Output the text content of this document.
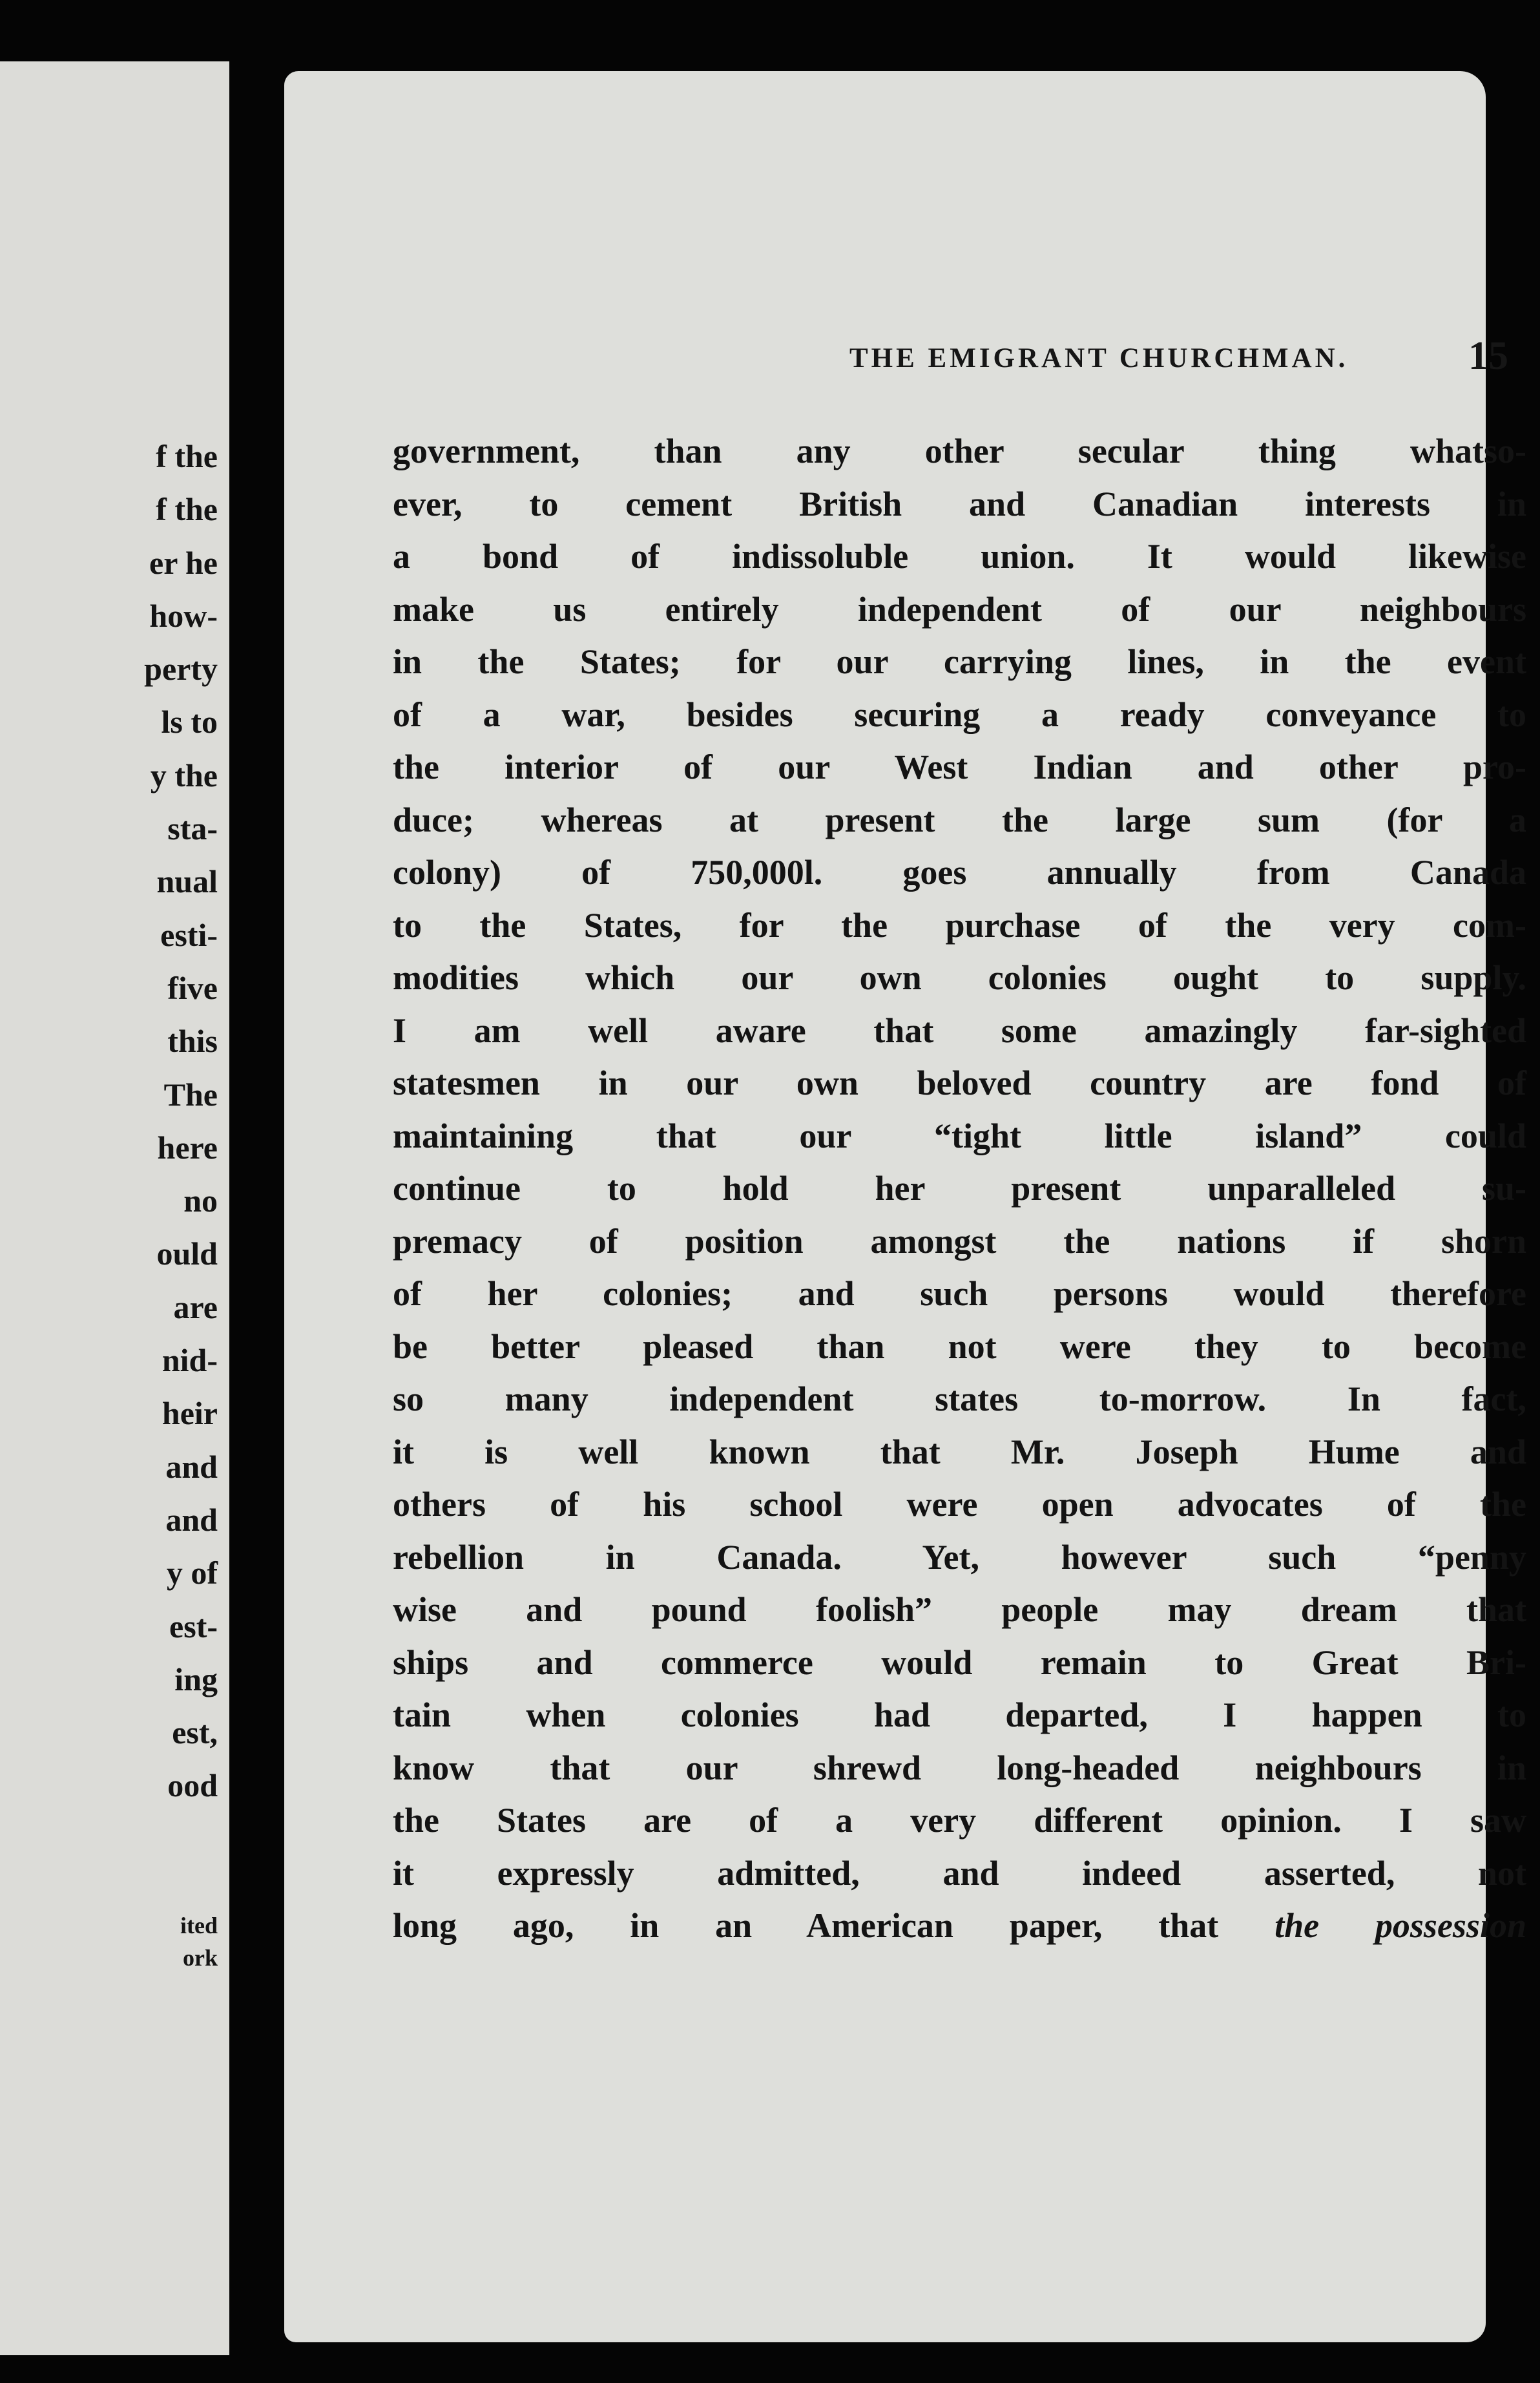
f the
f the
er he
how-
perty
ls to
y the
sta-
nual
esti-
five
this
The
here
no
ould
are
nid-
heir
and
and
y of
est-
ing
est,
ood
ited
ork
THE EMIGRANT CHURCHMAN.	15
government, than any other secular thing whatso-
ever, to cement British and Canadian interests in
a bond of indissoluble union. It would likewise
make us entirely independent of our neighbours
in the States; for our carrying lines, in the event
of a war, besides securing a ready conveyance to
the interior of our West Indian and other pro-
duce; whereas at present the large sum (for a
colony) of 750,000l. goes annually from Canada
to the States, for the purchase of the very com-
modities which our own colonies ought to supply.
I am well aware that some amazingly far-sighted
statesmen in our own beloved country are fond of
maintaining that our “tight little island” could
continue to hold her present unparalleled su-
premacy of position amongst the nations if shorn
of her colonies; and such persons would therefore
be better pleased than not were they to become
so many independent states to-morrow. In fact,
it is well known that Mr. Joseph Hume and
others of his school were open advocates of the
rebellion in Canada. Yet, however such “penny
wise and pound foolish” people may dream that
ships and commerce would remain to Great Bri-
tain when colonies had departed, I happen to
know that our shrewd long-headed neighbours in
the States are of a very different opinion. I saw
it expressly admitted, and indeed asserted, not
long ago, in an American paper, that the possession
